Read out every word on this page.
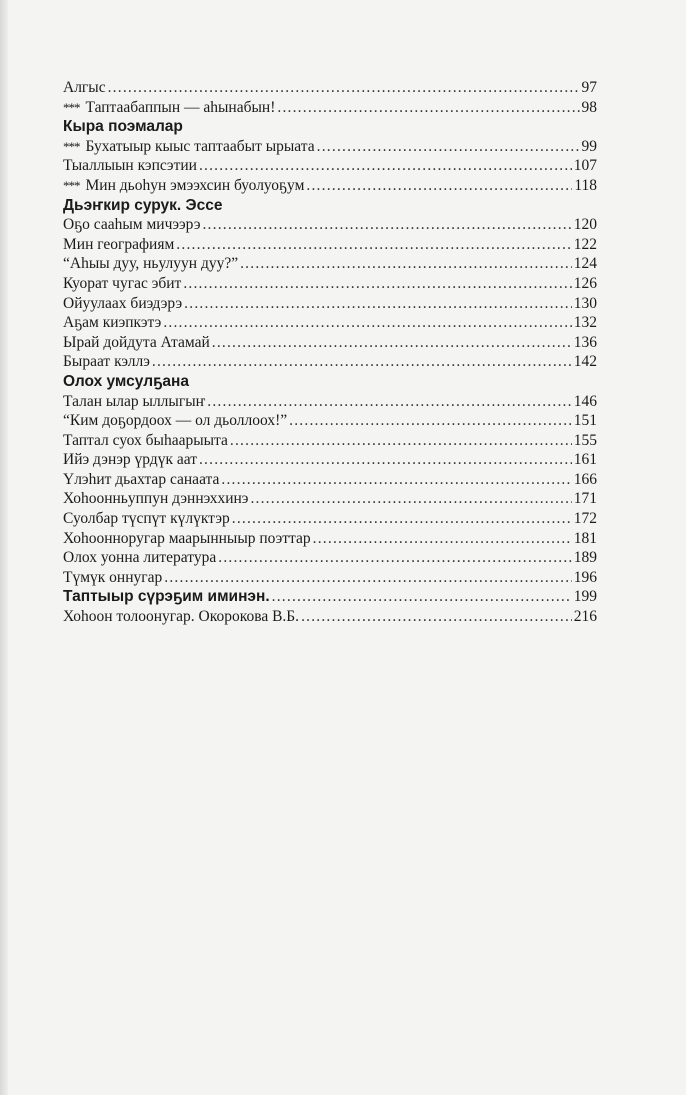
Алгыс .....	97
*** Таптаабаппын — аһынабын! .....	98
Кыра поэмалар
*** Бухатыыр кыыс таптаабыт ырыата .....	99
Тыаллыын кэпсэтии .....	107
*** Мин дьоһун эмээхсин буолуоҕум .....	118
Дьэҥкир сурук. Эссе
Оҕо сааһым мичээрэ .....	120
Мин географиям .....	122
“Аһыы дуу, ньулуун дуу?” .....	124
Куорат чугас эбит .....	126
Ойуулаах биэдэрэ .....	130
Аҕам киэпкэтэ .....	132
Ырай дойдута Атамай .....	136
Быраат кэллэ .....	142
Олох умсулҕана
Талан ылар ыллыгыҥ .....	146
“Ким доҕордоох — ол дьоллоох!” .....	151
Таптал суох быһаарыыта .....	155
Ийэ дэнэр үрдүк аат .....	161
Үлэһит дьахтар санаата .....	166
Хоһоонньуппун дэннэххинэ .....	171
Суолбар түспүт күлүктэр .....	172
Хоһоонноругар маарынныыр поэттар .....	181
Олох уонна литература .....	189
Түмүк оннугар .....	196
Таптыыр сүрэҕим иминэн. .....	199
Хоһоон толоонугар. Окорокова В.Б. .....	216
